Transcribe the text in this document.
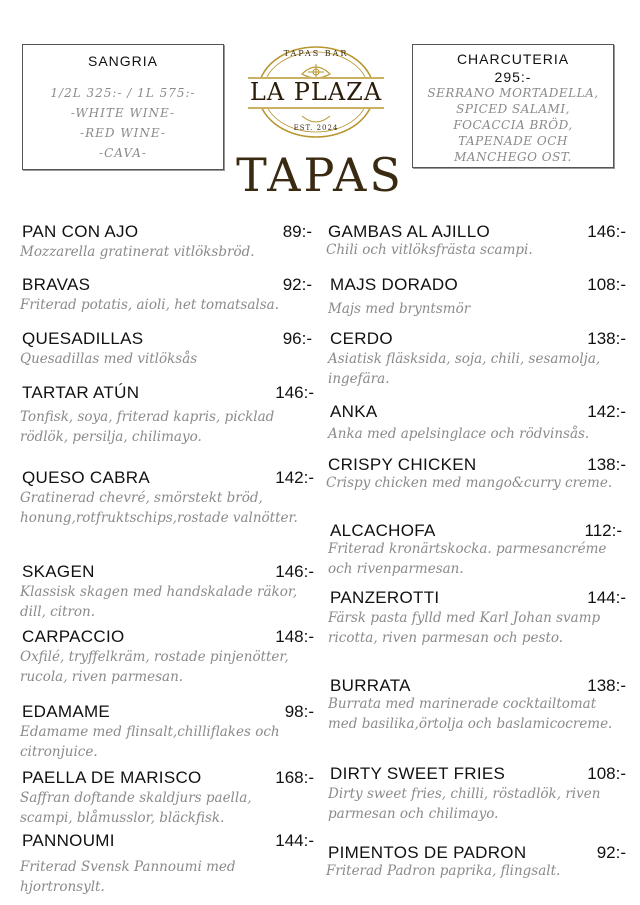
SANGRIA
1/2L 325:- / 1L 575:-
-WHITE WINE-
-RED WINE-
-CAVA-
CHARCUTERIA
295:-
SERRANO MORTADELLA, SPICED SALAMI, FOCACCIA BRÖD, TAPENADE OCH MANCHEGO OST.
TAPAS BAR
LA PLAZA
EST. 2024
TAPAS
PAN CON AJO	89:-
Mozzarella gratinerat vitlöksbröd.
BRAVAS	92:-
Friterad potatis, aioli, het tomatsalsa.
QUESADILLAS	96:-
Quesadillas med vitlöksås
TARTAR ATÚN	146:-
Tonfisk, soya, friterad kapris, picklad rödlök, persilja, chilimayo.
QUESO CABRA	142:-
Gratinerad chevré, smörstekt bröd, honung,rotfruktschips,rostade valnötter.
SKAGEN	146:-
Klassisk skagen med handskalade räkor, dill, citron.
CARPACCIO	148:-
Oxfilé, tryffelkräm, rostade pinjenötter, rucola, riven parmesan.
EDAMAME	98:-
Edamame med flinsalt,chilliflakes och citronjuice.
PAELLA DE MARISCO	168:-
Saffran doftande skaldjurs paella, scampi, blåmusslor, bläckfisk.
PANNOUMI	144:-
Friterad Svensk Pannoumi med hjortronsylt.
GAMBAS AL AJILLO	146:-
Chili och vitlöksfrästa scampi.
MAJS DORADO	108:-
Majs med bryntsmör
CERDO	138:-
Asiatisk fläsksida, soja, chili, sesamolja, ingefära.
ANKA	142:-
Anka med apelsinglace och rödvinsås.
CRISPY CHICKEN	138:-
Crispy chicken med mango&curry creme.
ALCACHOFA	112:-
Friterad kronärtskocka. parmesancréme och rivenparmesan.
PANZEROTTI	144:-
Färsk pasta fylld med Karl Johan svamp ricotta, riven parmesan och pesto.
BURRATA	138:-
Burrata med marinerade cocktailtomat med basilika,örtolja och baslamicocreme.
DIRTY SWEET FRIES	108:-
Dirty sweet fries, chilli, röstadlök, riven parmesan och chilimayo.
PIMENTOS DE PADRON	92:-
Friterad Padron paprika, flingsalt.
